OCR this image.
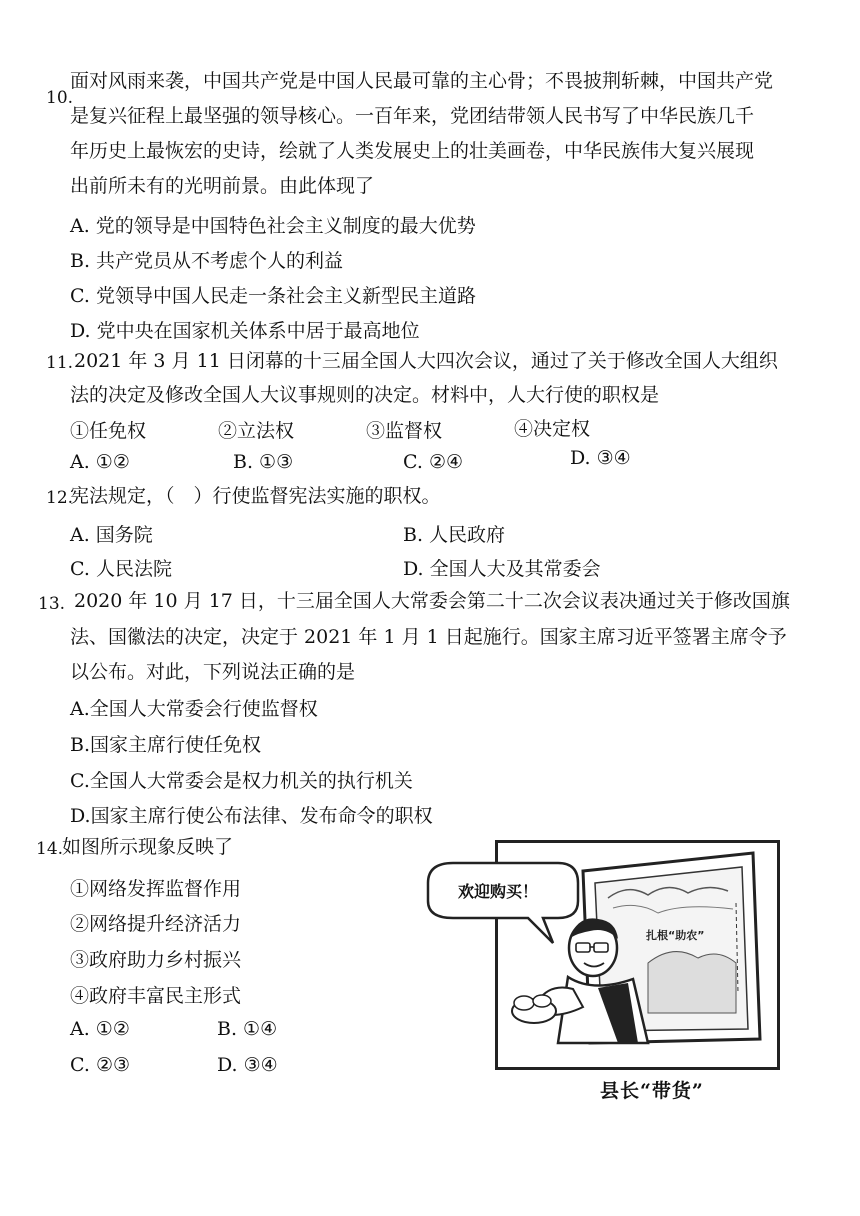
10.
面对风雨来袭，中国共产党是中国人民最可靠的主心骨；不畏披荆斩棘，中国共产党
是复兴征程上最坚强的领导核心。一百年来，党团结带领人民书写了中华民族几千
年历史上最恢宏的史诗，绘就了人类发展史上的壮美画卷，中华民族伟大复兴展现
出前所未有的光明前景。由此体现了
A. 党的领导是中国特色社会主义制度的最大优势
B. 共产党员从不考虑个人的利益
C. 党领导中国人民走一条社会主义新型民主道路
D. 党中央在国家机关体系中居于最高地位
11. 2021 年 3 月 11 日闭幕的十三届全国人大四次会议，通过了关于修改全国人大组织
法的决定及修改全国人大议事规则的决定。材料中，人大行使的职权是
①任免权	②立法权	③监督权	④决定权
A. ①②	B. ①③	C. ②④	D. ③④
12.
宪法规定，（　）行使监督宪法实施的职权。
A. 国务院	B. 人民政府
C. 人民法院	D. 全国人大及其常委会
13. 2020 年 10 月 17 日，十三届全国人大常委会第二十二次会议表决通过关于修改国旗
法、国徽法的决定，决定于 2021 年 1 月 1 日起施行。国家主席习近平签署主席令予
以公布。对此，下列说法正确的是
A.全国人大常委会行使监督权
B.国家主席行使任免权
C.全国人大常委会是权力机关的执行机关
D.国家主席行使公布法律、发布命令的职权
14.
如图所示现象反映了
①网络发挥监督作用
②网络提升经济活力
③政府助力乡村振兴
④政府丰富民主形式
A. ①②	B. ①④
C. ②③	D. ③④
扎根“助农”
欢迎购买！
县长“带货”
